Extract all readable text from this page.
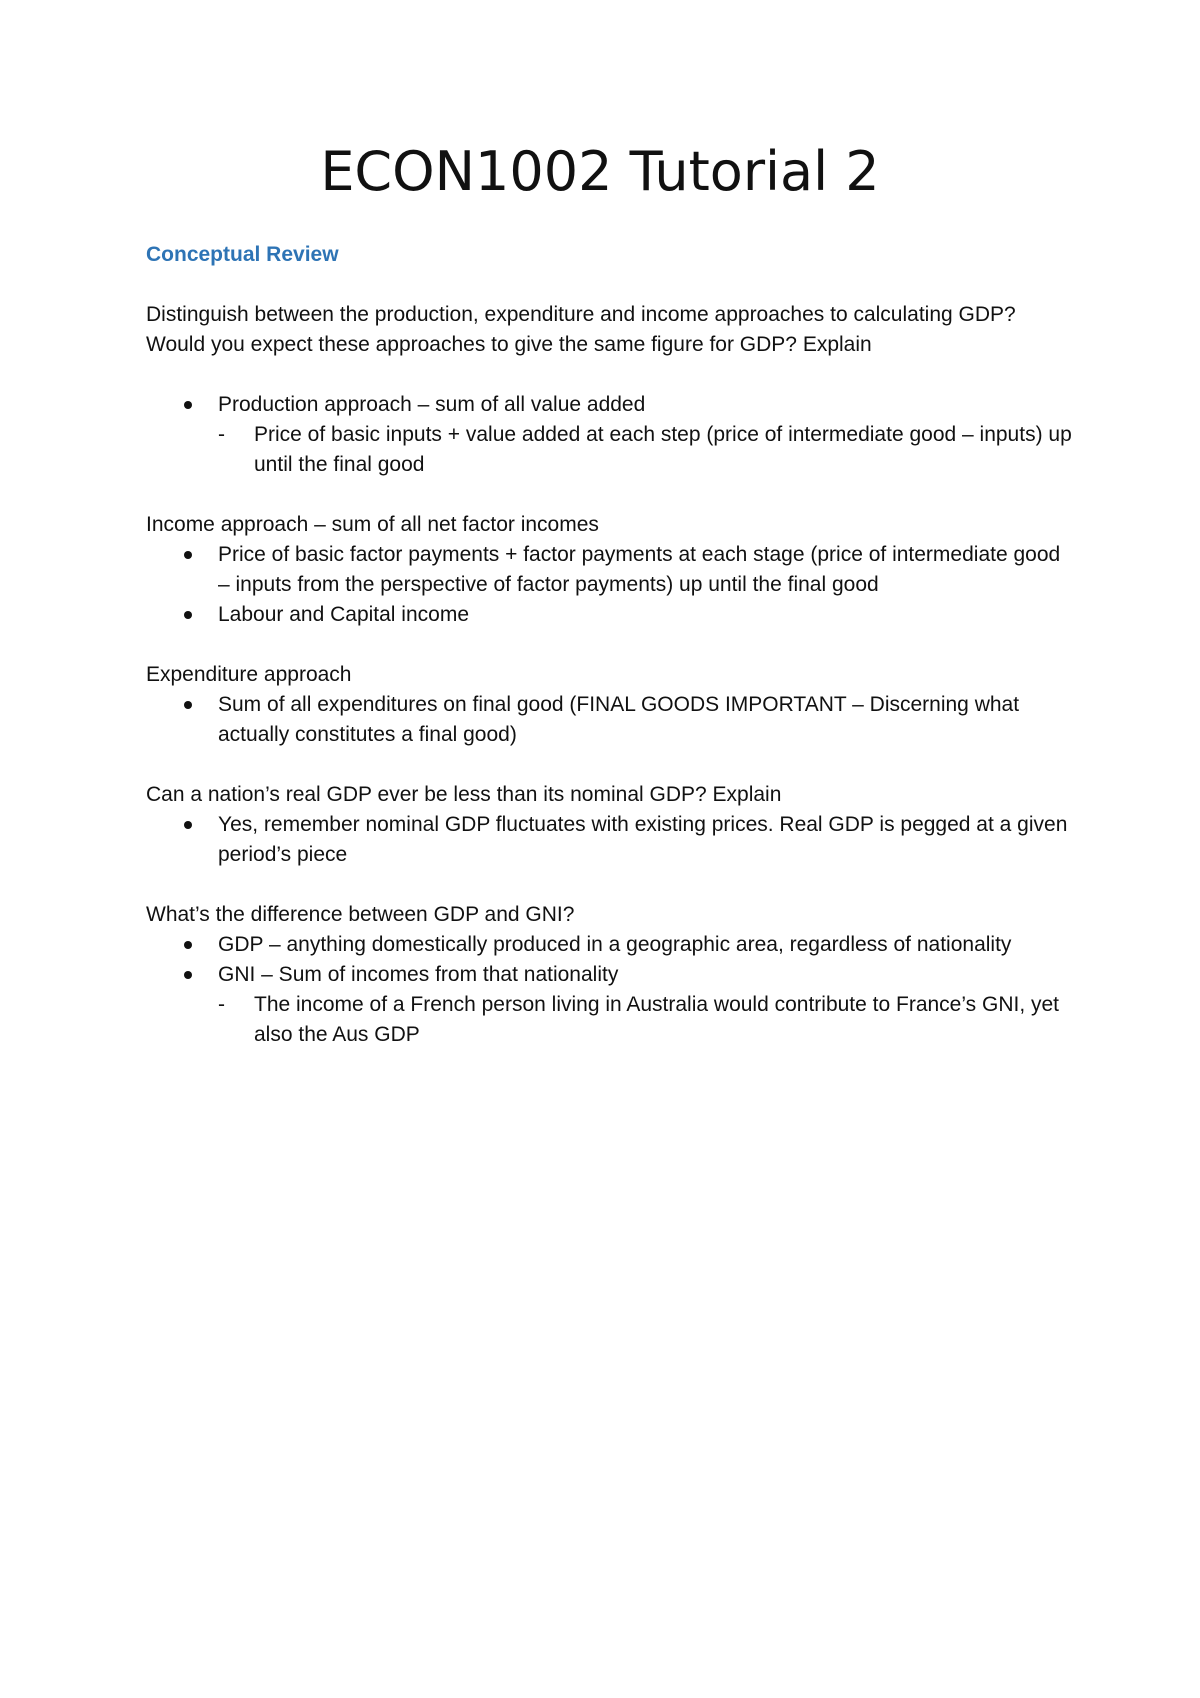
ECON1002 Tutorial 2
Conceptual Review

Distinguish between the production, expenditure and income approaches to calculating GDP? Would you expect these approaches to give the same figure for GDP? Explain

Production approach – sum of all value added
-	Price of basic inputs + value added at each step (price of intermediate good – inputs) up until the final good

Income approach – sum of all net factor incomes

Price of basic factor payments + factor payments at each stage (price of intermediate good – inputs from the perspective of factor payments) up until the final good
Labour and Capital income

Expenditure approach

Sum of all expenditures on final good (FINAL GOODS IMPORTANT – Discerning what actually constitutes a final good)

Can a nation’s real GDP ever be less than its nominal GDP? Explain

Yes, remember nominal GDP fluctuates with existing prices. Real GDP is pegged at a given period’s piece

What’s the difference between GDP and GNI?

GDP – anything domestically produced in a geographic area, regardless of nationality
GNI – Sum of incomes from that nationality
-	The income of a French person living in Australia would contribute to France’s GNI, yet also the Aus GDP
